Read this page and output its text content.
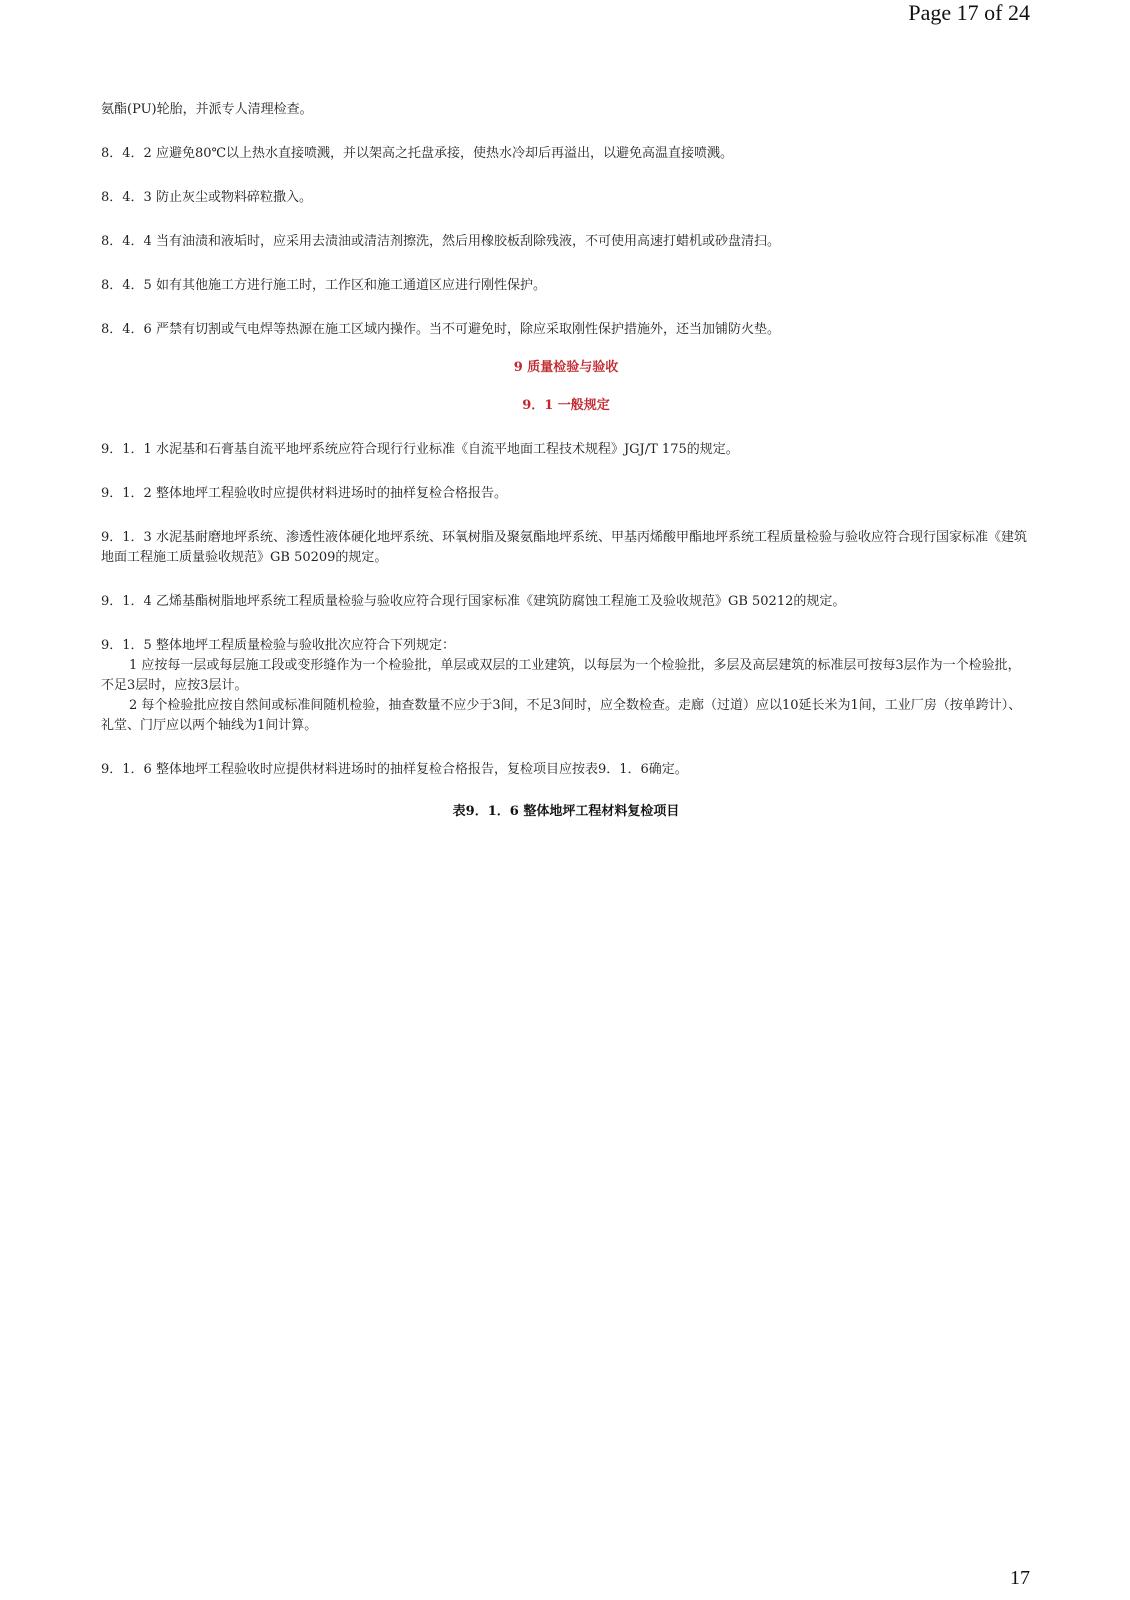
Page 17 of 24

氨酯(PU)轮胎，并派专人清理检查。

8．4．2 应避免80℃以上热水直接喷溅，并以架高之托盘承接，使热水冷却后再溢出，以避免高温直接喷溅。

8．4．3 防止灰尘或物料碎粒撒入。

8．4．4 当有油渍和液垢时，应采用去渍油或清洁剂擦洗，然后用橡胶板刮除残液，不可使用高速打蜡机或砂盘清扫。

8．4．5 如有其他施工方进行施工时，工作区和施工通道区应进行刚性保护。

8．4．6 严禁有切割或气电焊等热源在施工区域内操作。当不可避免时，除应采取刚性保护措施外，还当加铺防火垫。

9 质量检验与验收
9．1 一般规定

9．1．1 水泥基和石膏基自流平地坪系统应符合现行行业标准《自流平地面工程技术规程》JGJ/T 175的规定。

9．1．2 整体地坪工程验收时应提供材料进场时的抽样复检合格报告。

9．1．3 水泥基耐磨地坪系统、渗透性液体硬化地坪系统、环氧树脂及聚氨酯地坪系统、甲基丙烯酸甲酯地坪系统工程质量检验与验收应符合现行国家标准《建筑地面工程施工质量验收规范》GB 50209的规定。

9．1．4 乙烯基酯树脂地坪系统工程质量检验与验收应符合现行国家标准《建筑防腐蚀工程施工及验收规范》GB 50212的规定。

9．1．5 整体地坪工程质量检验与验收批次应符合下列规定：

1 应按每一层或每层施工段或变形缝作为一个检验批，单层或双层的工业建筑，以每层为一个检验批，多层及高层建筑的标准层可按每3层作为一个检验批，不足3层时，应按3层计。

2 每个检验批应按自然间或标准间随机检验，抽查数量不应少于3间，不足3间时，应全数检查。走廊（过道）应以10延长米为1间，工业厂房（按单跨计）、礼堂、门厅应以两个轴线为1间计算。

9．1．6 整体地坪工程验收时应提供材料进场时的抽样复检合格报告，复检项目应按表9．1．6确定。

表9．1．6 整体地坪工程材料复检项目
17
